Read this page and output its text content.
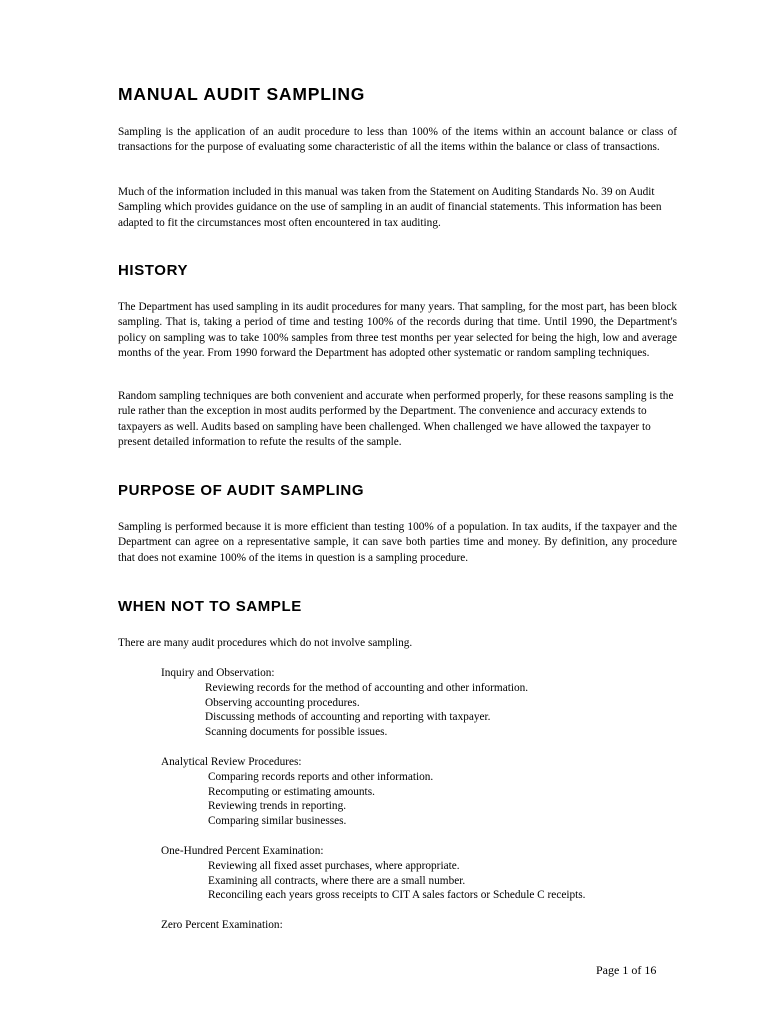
MANUAL AUDIT SAMPLING

Sampling is the application of an audit procedure to less than 100% of the items within an account balance or class of transactions for the purpose of evaluating some characteristic of all the items within the balance or class of transactions.

Much of the information included in this manual was taken from the Statement on Auditing Standards No. 39 on Audit Sampling which provides guidance on the use of sampling in an audit of financial statements. This information has been adapted to fit the circumstances most often encountered in tax auditing.

HISTORY

The Department has used sampling in its audit procedures for many years. That sampling, for the most part, has been block sampling. That is, taking a period of time and testing 100% of the records during that time. Until 1990, the Department's policy on sampling was to take 100% samples from three test months per year selected for being the high, low and average months of the year. From 1990 forward the Department has adopted other systematic or random sampling techniques.

Random sampling techniques are both convenient and accurate when performed properly, for these reasons sampling is the rule rather than the exception in most audits performed by the Department. The convenience and accuracy extends to taxpayers as well. Audits based on sampling have been challenged. When challenged we have allowed the taxpayer to present detailed information to refute the results of the sample.

PURPOSE OF AUDIT SAMPLING

Sampling is performed because it is more efficient than testing 100% of a population. In tax audits, if the taxpayer and the Department can agree on a representative sample, it can save both parties time and money. By definition, any procedure that does not examine 100% of the items in question is a sampling procedure.

WHEN NOT TO SAMPLE

There are many audit procedures which do not involve sampling.

Inquiry and Observation:

Reviewing records for the method of accounting and other information.
Observing accounting procedures.
Discussing methods of accounting and reporting with taxpayer.
Scanning documents for possible issues.

Analytical Review Procedures:

Comparing records reports and other information.
Recomputing or estimating amounts.
Reviewing trends in reporting.
Comparing similar businesses.

One-Hundred Percent Examination:

Reviewing all fixed asset purchases, where appropriate.
Examining all contracts, where there are a small number.
Reconciling each years gross receipts to CIT A sales factors or Schedule C receipts.

Zero Percent Examination:

Page 1 of 16
